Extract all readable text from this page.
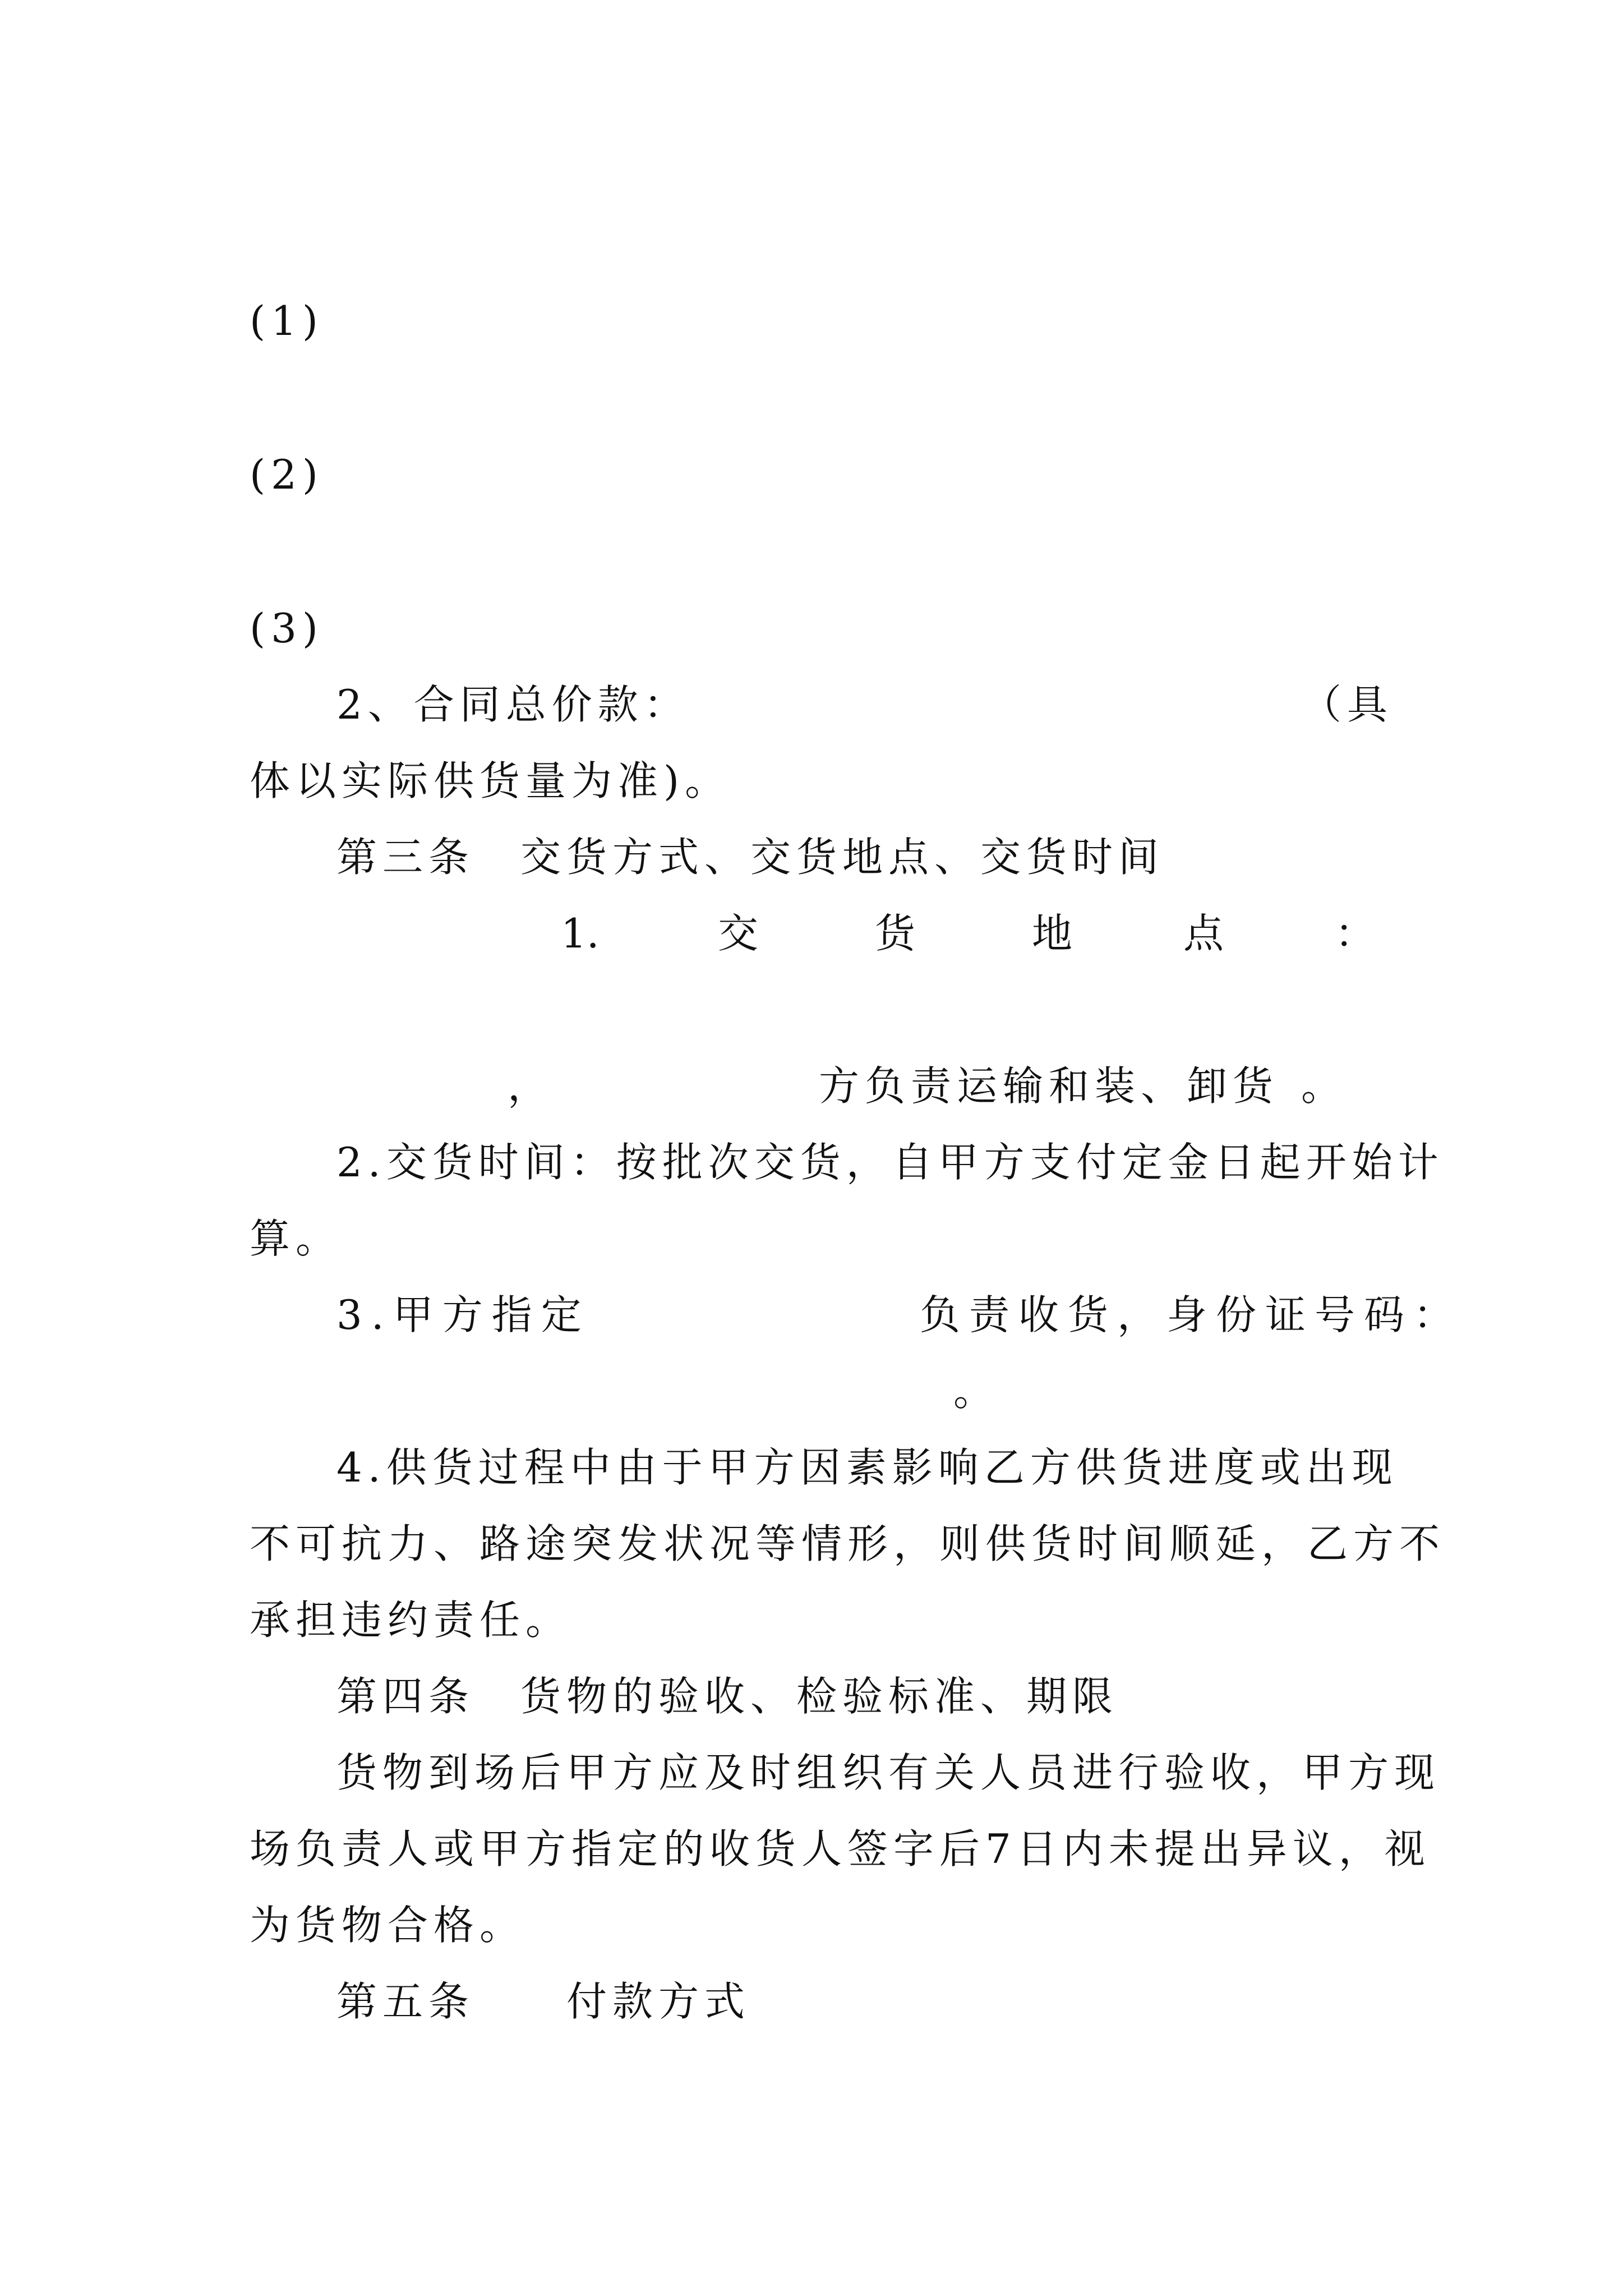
(1)
(2)
(3)
2、合同总价款：	（具
体以实际供货量为准)。
第三条　交货方式、交货地点、交货时间
1.	交	货	地	点	：
，	方负责运输和装、卸货 。
2.交货时间：按批次交货，自甲方支付定金日起开始计
算。
3.甲方指定	负责收货，身份证号码：
。
4.供货过程中由于甲方因素影响乙方供货进度或出现
不可抗力、路途突发状况等情形，则供货时间顺延，乙方不
承担违约责任。
第四条　货物的验收、检验标准、期限
货物到场后甲方应及时组织有关人员进行验收，甲方现
场负责人或甲方指定的收货人签字后7日内未提出异议，视
为货物合格。
第五条　　付款方式
